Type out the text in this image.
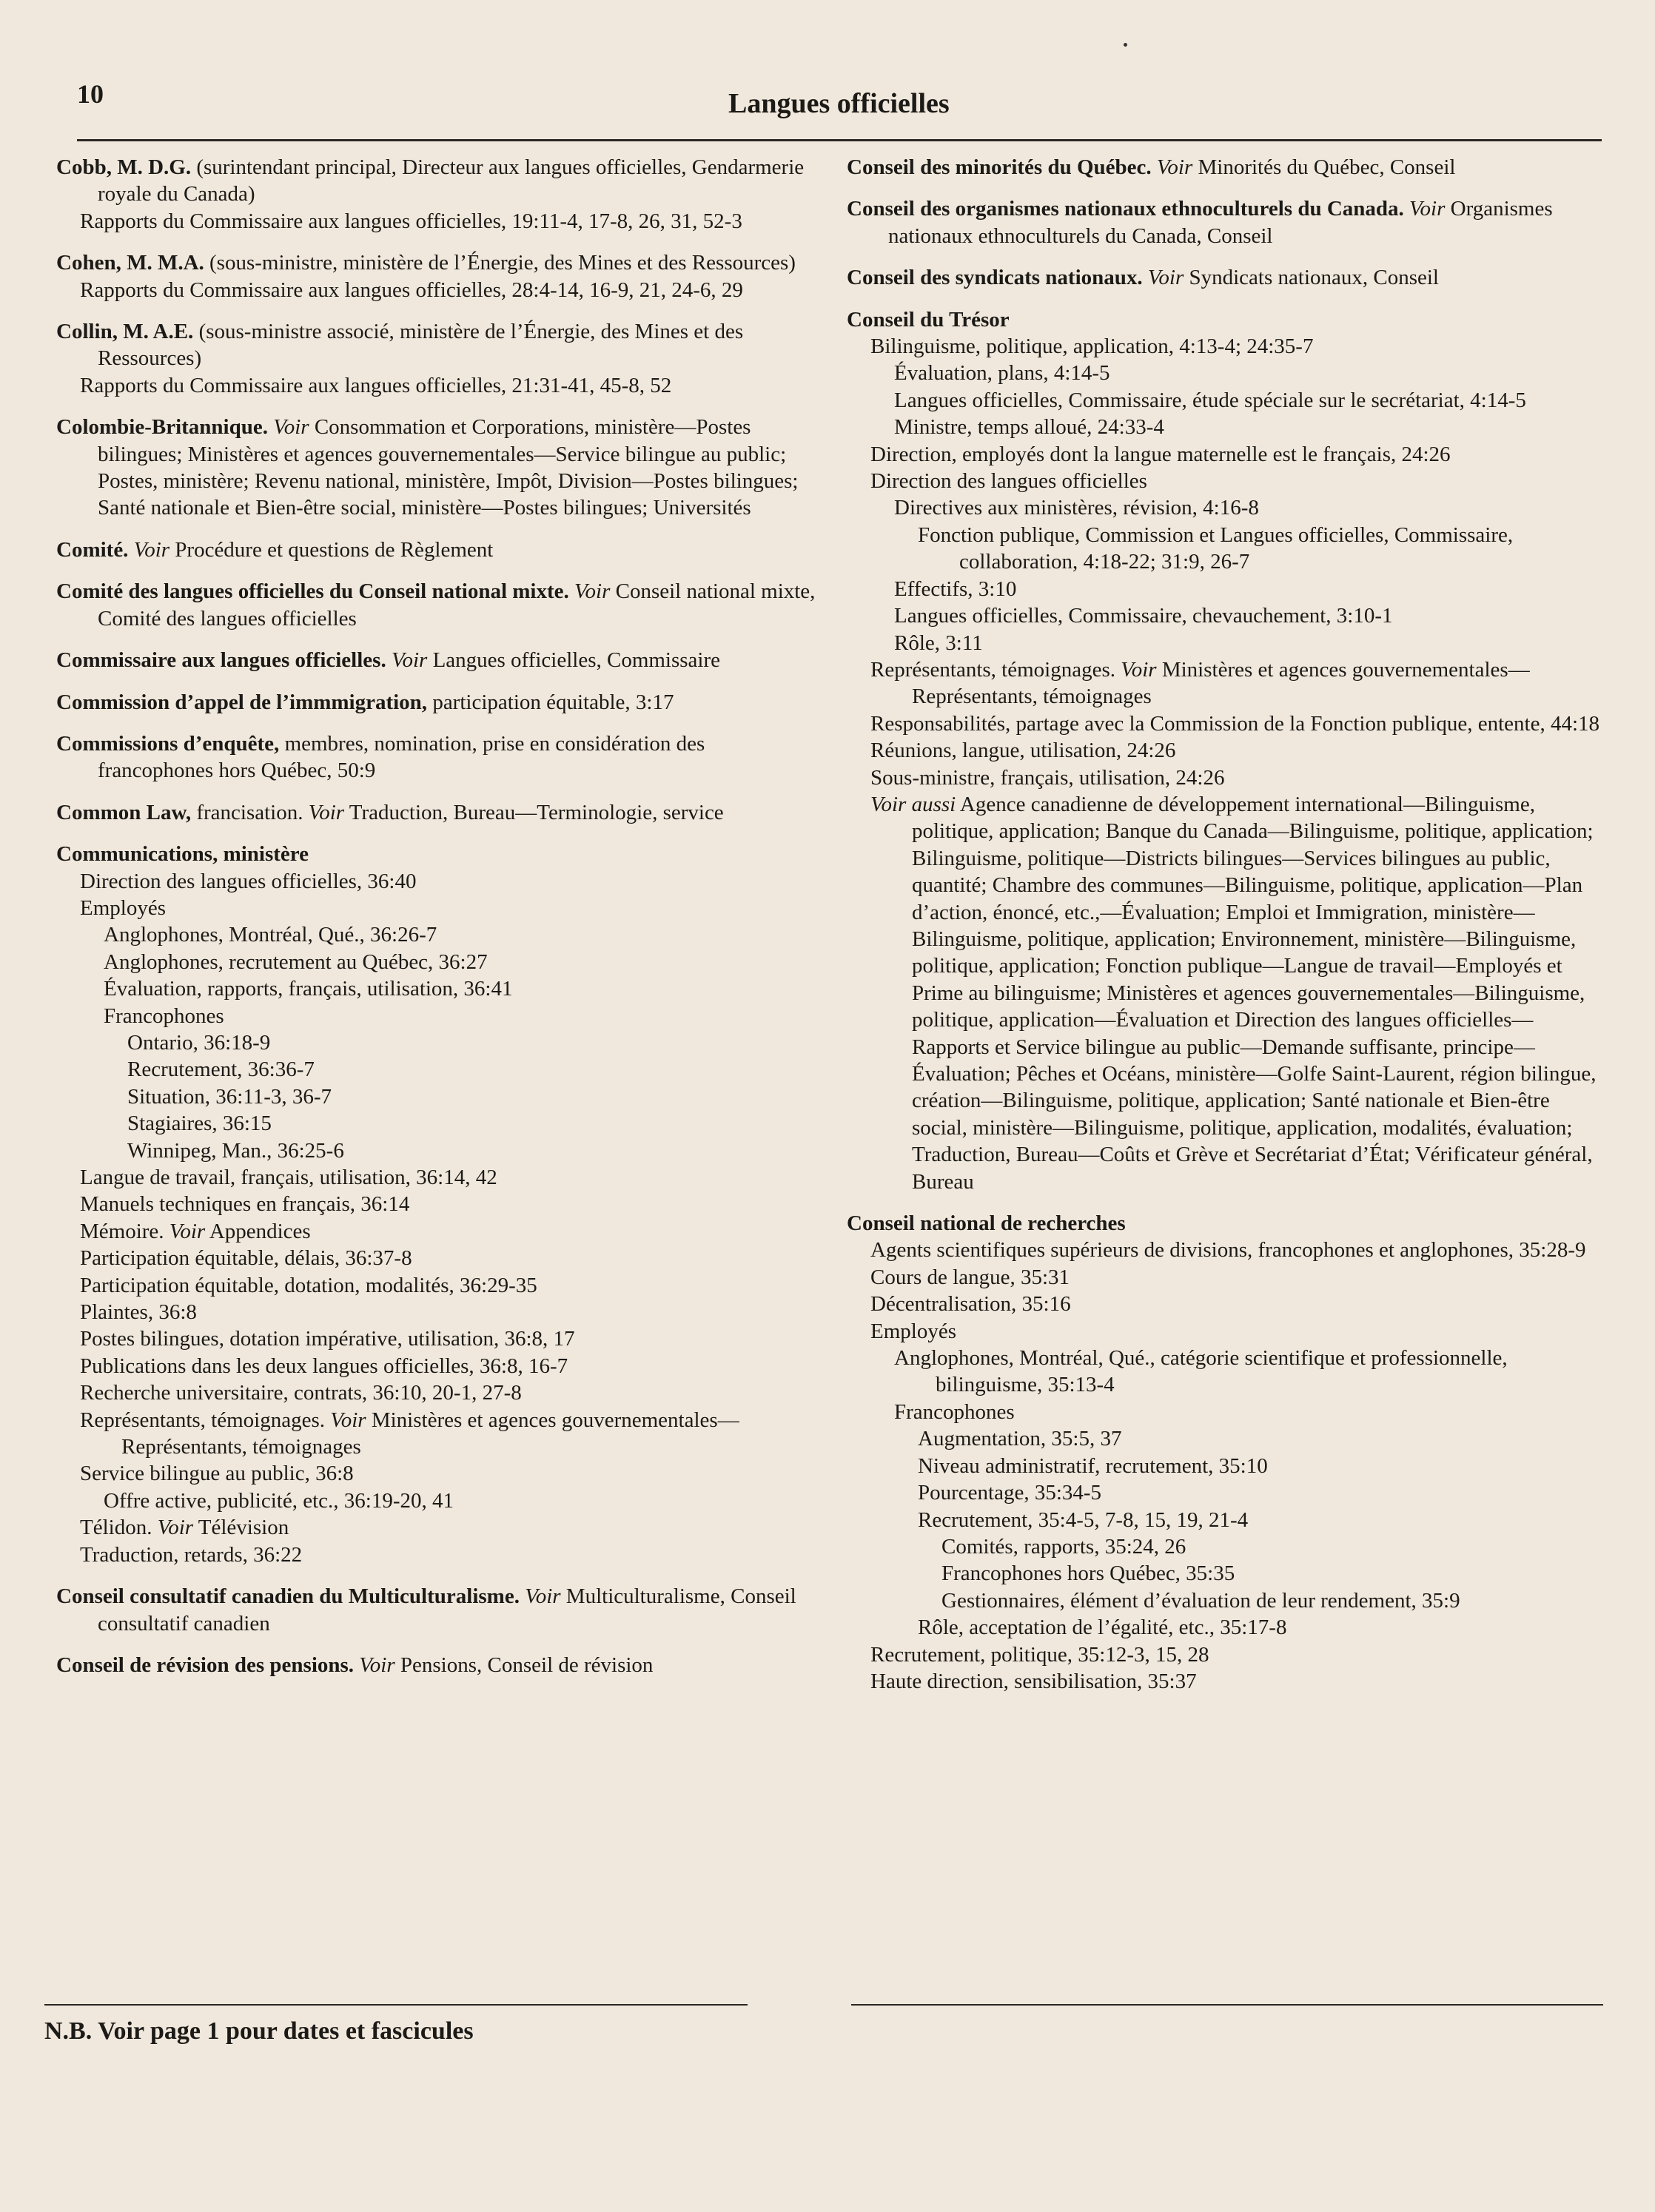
10	Langues officielles

Cobb, M. D.G. (surintendant principal, Directeur aux langues officielles, Gendarmerie royale du Canada)

Rapports du Commissaire aux langues officielles, 19:11-4, 17-8, 26, 31, 52-3

Cohen, M. M.A. (sous-ministre, ministère de l’Énergie, des Mines et des Ressources)

Rapports du Commissaire aux langues officielles, 28:4-14, 16-9, 21, 24-6, 29

Collin, M. A.E. (sous-ministre associé, ministère de l’Énergie, des Mines et des Ressources)

Rapports du Commissaire aux langues officielles, 21:31-41, 45-8, 52

Colombie-Britannique. Voir Consommation et Corporations, ministère—Postes bilingues; Ministères et agences gouvernementales—Service bilingue au public; Postes, ministère; Revenu national, ministère, Impôt, Division—Postes bilingues; Santé nationale et Bien-être social, ministère—Postes bilingues; Universités

Comité. Voir Procédure et questions de Règlement

Comité des langues officielles du Conseil national mixte. Voir Conseil national mixte, Comité des langues officielles

Commissaire aux langues officielles. Voir Langues officielles, Commissaire

Commission d’appel de l’immmigration, participation équitable, 3:17

Commissions d’enquête, membres, nomination, prise en considération des francophones hors Québec, 50:9

Common Law, francisation. Voir Traduction, Bureau—Terminologie, service

Communications, ministère

Direction des langues officielles, 36:40

Employés

Anglophones, Montréal, Qué., 36:26-7

Anglophones, recrutement au Québec, 36:27

Évaluation, rapports, français, utilisation, 36:41

Francophones

Ontario, 36:18-9

Recrutement, 36:36-7

Situation, 36:11-3, 36-7

Stagiaires, 36:15

Winnipeg, Man., 36:25-6

Langue de travail, français, utilisation, 36:14, 42

Manuels techniques en français, 36:14

Mémoire. Voir Appendices

Participation équitable, délais, 36:37-8

Participation équitable, dotation, modalités, 36:29-35

Plaintes, 36:8

Postes bilingues, dotation impérative, utilisation, 36:8, 17

Publications dans les deux langues officielles, 36:8, 16-7

Recherche universitaire, contrats, 36:10, 20-1, 27-8

Représentants, témoignages. Voir Ministères et agences gouvernementales—Représentants, témoignages

Service bilingue au public, 36:8

Offre active, publicité, etc., 36:19-20, 41

Télidon. Voir Télévision

Traduction, retards, 36:22

Conseil consultatif canadien du Multiculturalisme. Voir Multiculturalisme, Conseil consultatif canadien

Conseil de révision des pensions. Voir Pensions, Conseil de révision

Conseil des minorités du Québec. Voir Minorités du Québec, Conseil

Conseil des organismes nationaux ethnoculturels du Canada. Voir Organismes nationaux ethnoculturels du Canada, Conseil

Conseil des syndicats nationaux. Voir Syndicats nationaux, Conseil

Conseil du Trésor

Bilinguisme, politique, application, 4:13-4; 24:35-7

Évaluation, plans, 4:14-5

Langues officielles, Commissaire, étude spéciale sur le secrétariat, 4:14-5

Ministre, temps alloué, 24:33-4

Direction, employés dont la langue maternelle est le français, 24:26

Direction des langues officielles

Directives aux ministères, révision, 4:16-8

Fonction publique, Commission et Langues officielles, Commissaire, collaboration, 4:18-22; 31:9, 26-7

Effectifs, 3:10

Langues officielles, Commissaire, chevauchement, 3:10-1

Rôle, 3:11

Représentants, témoignages. Voir Ministères et agences gouvernementales—Représentants, témoignages

Responsabilités, partage avec la Commission de la Fonction publique, entente, 44:18

Réunions, langue, utilisation, 24:26

Sous-ministre, français, utilisation, 24:26

Voir aussi Agence canadienne de développement international—Bilinguisme, politique, application; Banque du Canada—Bilinguisme, politique, application; Bilinguisme, politique—Districts bilingues—Services bilingues au public, quantité; Chambre des communes—Bilinguisme, politique, application—Plan d’action, énoncé, etc.,—Évaluation; Emploi et Immigration, ministère—Bilinguisme, politique, application; Environnement, ministère—Bilinguisme, politique, application; Fonction publique—Langue de travail—Employés et Prime au bilinguisme; Ministères et agences gouvernementales—Bilinguisme, politique, application—Évaluation et Direction des langues officielles—Rapports et Service bilingue au public—Demande suffisante, principe—Évaluation; Pêches et Océans, ministère—Golfe Saint-Laurent, région bilingue, création—Bilinguisme, politique, application; Santé nationale et Bien-être social, ministère—Bilinguisme, politique, application, modalités, évaluation; Traduction, Bureau—Coûts et Grève et Secrétariat d’État; Vérificateur général, Bureau

Conseil national de recherches

Agents scientifiques supérieurs de divisions, francophones et anglophones, 35:28-9

Cours de langue, 35:31

Décentralisation, 35:16

Employés

Anglophones, Montréal, Qué., catégorie scientifique et professionnelle, bilinguisme, 35:13-4

Francophones

Augmentation, 35:5, 37

Niveau administratif, recrutement, 35:10

Pourcentage, 35:34-5

Recrutement, 35:4-5, 7-8, 15, 19, 21-4

Comités, rapports, 35:24, 26

Francophones hors Québec, 35:35

Gestionnaires, élément d’évaluation de leur rendement, 35:9

Rôle, acceptation de l’égalité, etc., 35:17-8

Recrutement, politique, 35:12-3, 15, 28

Haute direction, sensibilisation, 35:37

N.B. Voir page 1 pour dates et fascicules
